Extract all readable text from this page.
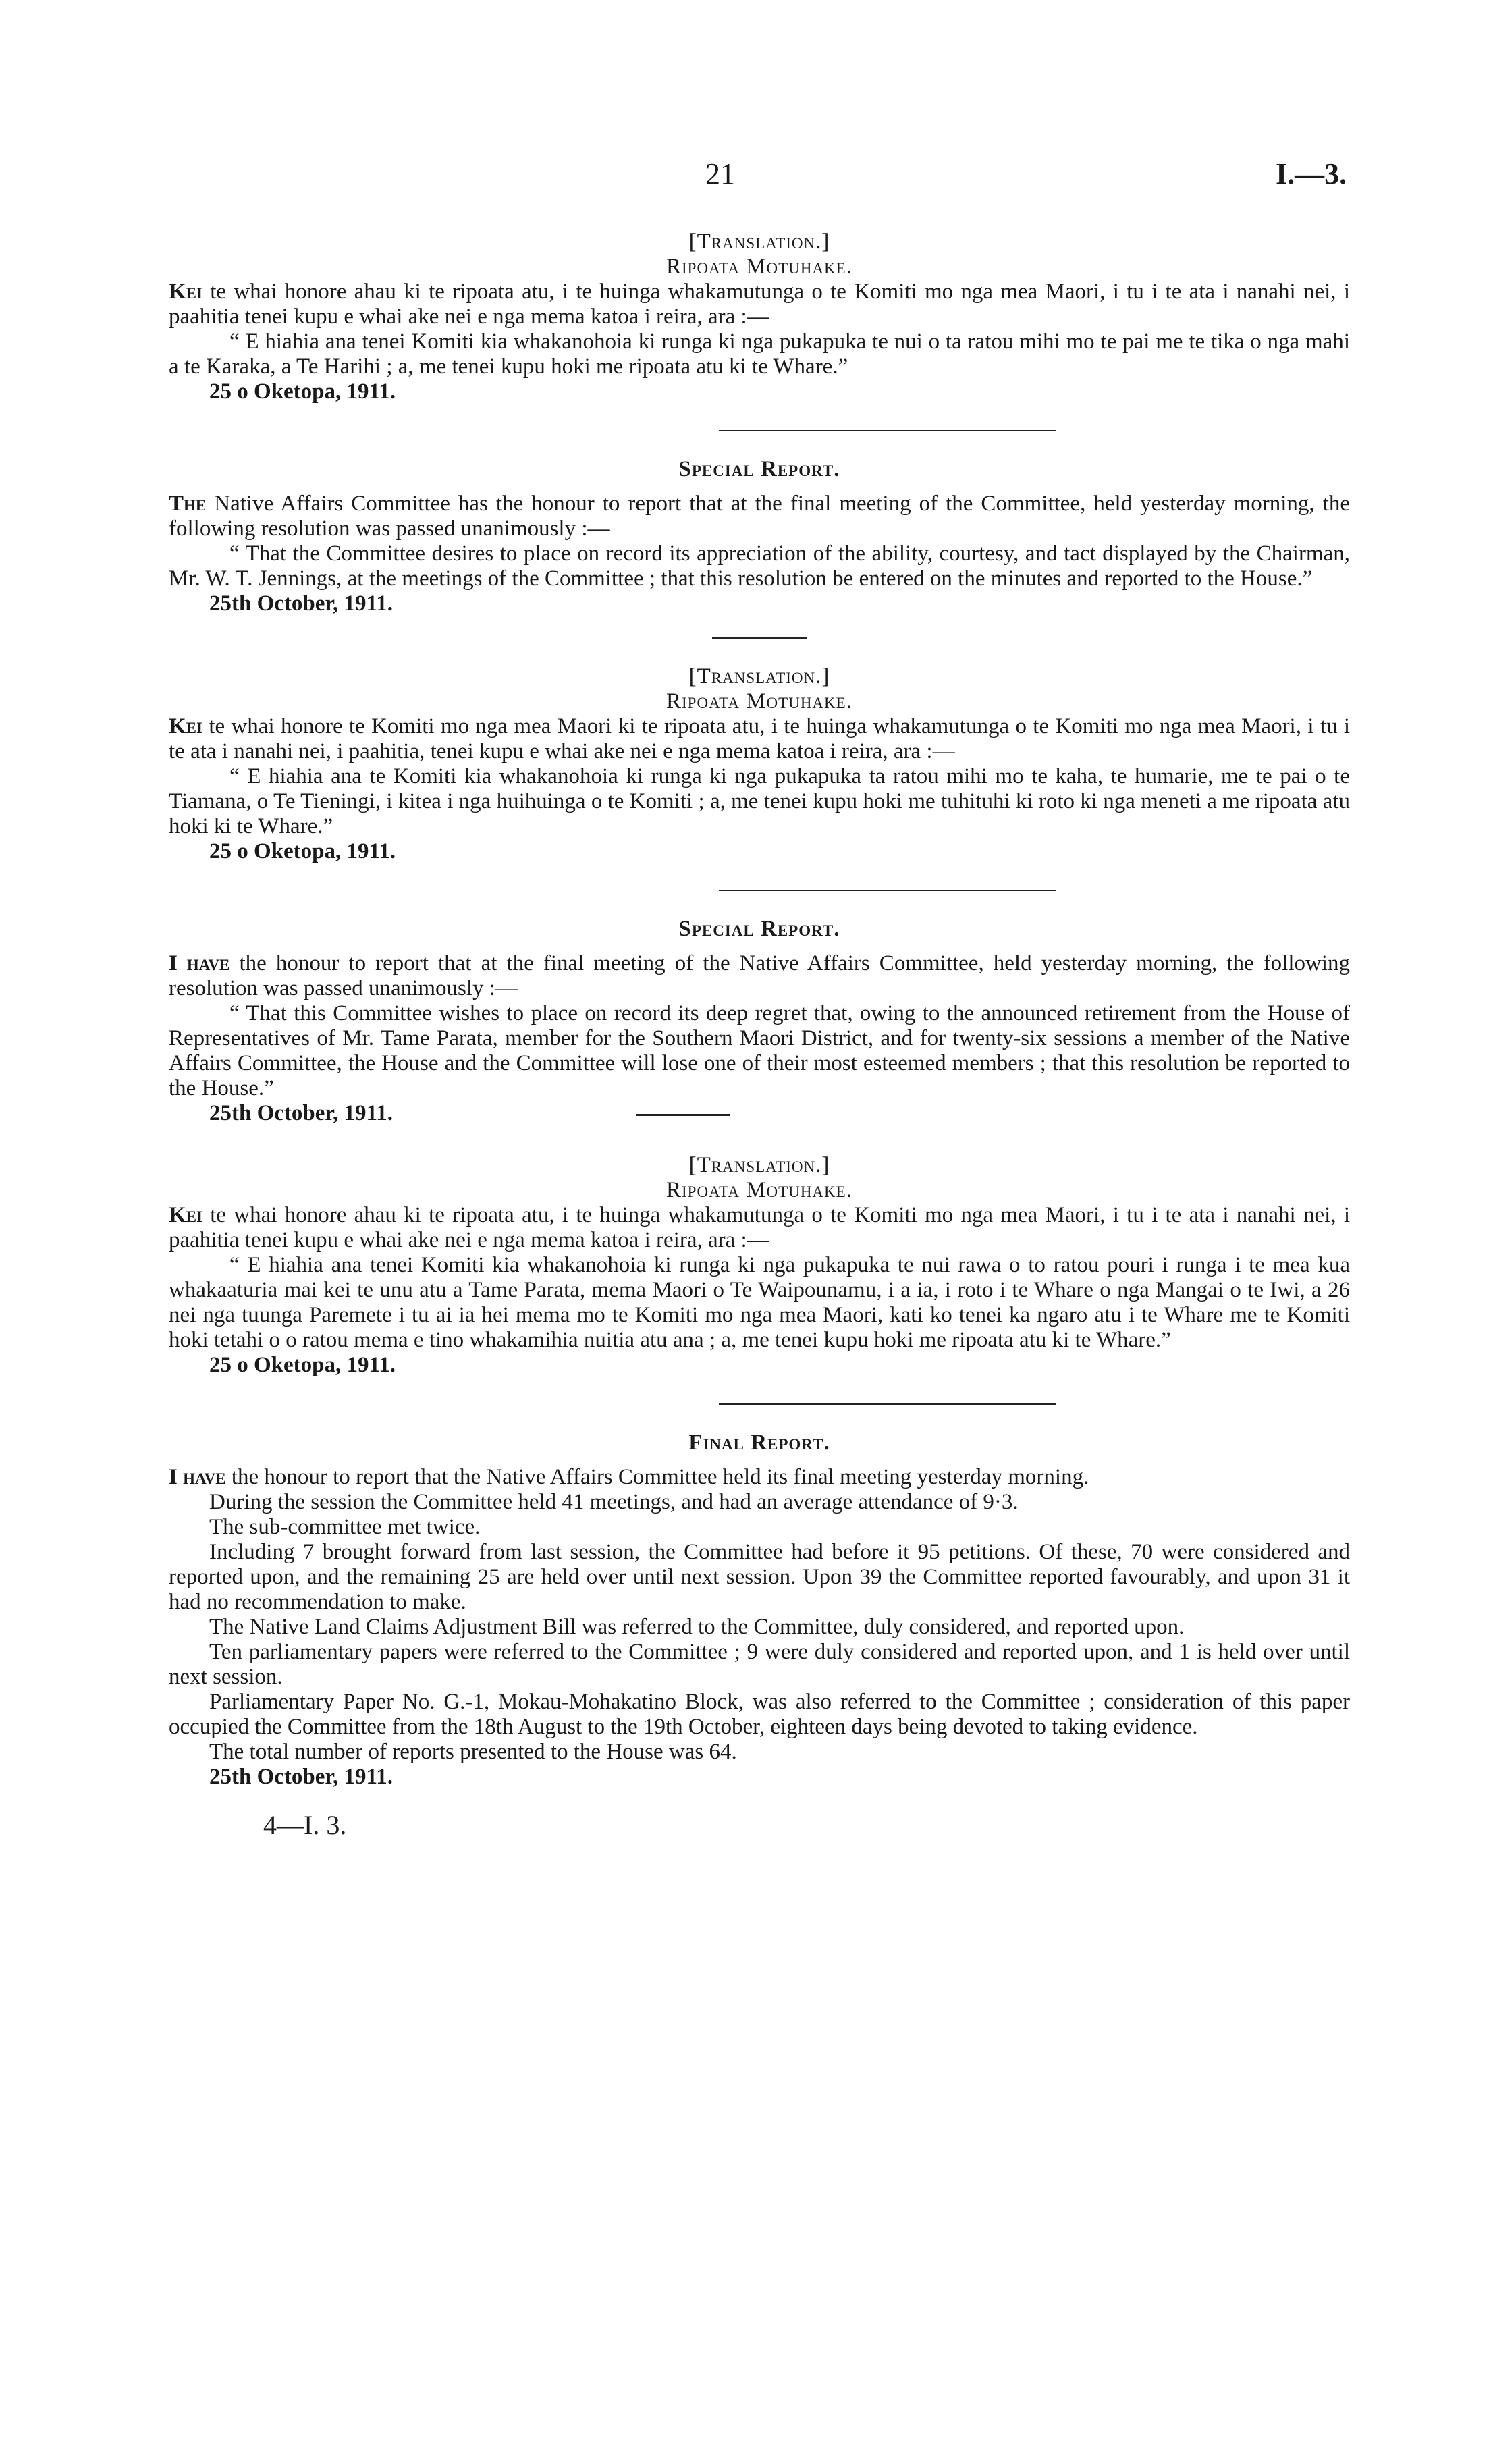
21	I.—3.
[Translation.]
Ripoata Motuhake.

Kei te whai honore ahau ki te ripoata atu, i te huinga whakamutunga o te Komiti mo nga mea Maori, i tu i te ata i nanahi nei, i paahitia tenei kupu e whai ake nei e nga mema katoa i reira, ara :—

“ E hiahia ana tenei Komiti kia whakanohoia ki runga ki nga pukapuka te nui o ta ratou mihi mo te pai me te tika o nga mahi a te Karaka, a Te Harihi ; a, me tenei kupu hoki me ripoata atu ki te Whare.”

25 o Oketopa, 1911.

Special Report.

The Native Affairs Committee has the honour to report that at the final meeting of the Committee, held yesterday morning, the following resolution was passed unanimously :—

“ That the Committee desires to place on record its appreciation of the ability, courtesy, and tact displayed by the Chairman, Mr. W. T. Jennings, at the meetings of the Committee ; that this resolution be entered on the minutes and reported to the House.”

25th October, 1911.

[Translation.]
Ripoata Motuhake.

Kei te whai honore te Komiti mo nga mea Maori ki te ripoata atu, i te huinga whakamutunga o te Komiti mo nga mea Maori, i tu i te ata i nanahi nei, i paahitia, tenei kupu e whai ake nei e nga mema katoa i reira, ara :—

“ E hiahia ana te Komiti kia whakanohoia ki runga ki nga pukapuka ta ratou mihi mo te kaha, te humarie, me te pai o te Tiamana, o Te Tieningi, i kitea i nga huihuinga o te Komiti ; a, me tenei kupu hoki me tuhituhi ki roto ki nga meneti a me ripoata atu hoki ki te Whare.”

25 o Oketopa, 1911.

Special Report.

I have the honour to report that at the final meeting of the Native Affairs Committee, held yesterday morning, the following resolution was passed unanimously :—

“ That this Committee wishes to place on record its deep regret that, owing to the announced retirement from the House of Representatives of Mr. Tame Parata, member for the Southern Maori District, and for twenty-six sessions a member of the Native Affairs Committee, the House and the Committee will lose one of their most esteemed members ; that this resolution be reported to the House.”

25th October, 1911.

[Translation.]
Ripoata Motuhake.

Kei te whai honore ahau ki te ripoata atu, i te huinga whakamutunga o te Komiti mo nga mea Maori, i tu i te ata i nanahi nei, i paahitia tenei kupu e whai ake nei e nga mema katoa i reira, ara :—

“ E hiahia ana tenei Komiti kia whakanohoia ki runga ki nga pukapuka te nui rawa o to ratou pouri i runga i te mea kua whakaaturia mai kei te unu atu a Tame Parata, mema Maori o Te Waipounamu, i a ia, i roto i te Whare o nga Mangai o te Iwi, a 26 nei nga tuunga Paremete i tu ai ia hei mema mo te Komiti mo nga mea Maori, kati ko tenei ka ngaro atu i te Whare me te Komiti hoki tetahi o o ratou mema e tino whakamihia nuitia atu ana ; a, me tenei kupu hoki me ripoata atu ki te Whare.”

25 o Oketopa, 1911.

Final Report.

I have the honour to report that the Native Affairs Committee held its final meeting yesterday morning.

During the session the Committee held 41 meetings, and had an average attendance of 9·3.

The sub-committee met twice.

Including 7 brought forward from last session, the Committee had before it 95 petitions. Of these, 70 were considered and reported upon, and the remaining 25 are held over until next session. Upon 39 the Committee reported favourably, and upon 31 it had no recommendation to make.

The Native Land Claims Adjustment Bill was referred to the Committee, duly considered, and reported upon.

Ten parliamentary papers were referred to the Committee ; 9 were duly considered and reported upon, and 1 is held over until next session.

Parliamentary Paper No. G.-1, Mokau-Mohakatino Block, was also referred to the Committee ; consideration of this paper occupied the Committee from the 18th August to the 19th October, eighteen days being devoted to taking evidence.

The total number of reports presented to the House was 64.

25th October, 1911.

4—I. 3.
